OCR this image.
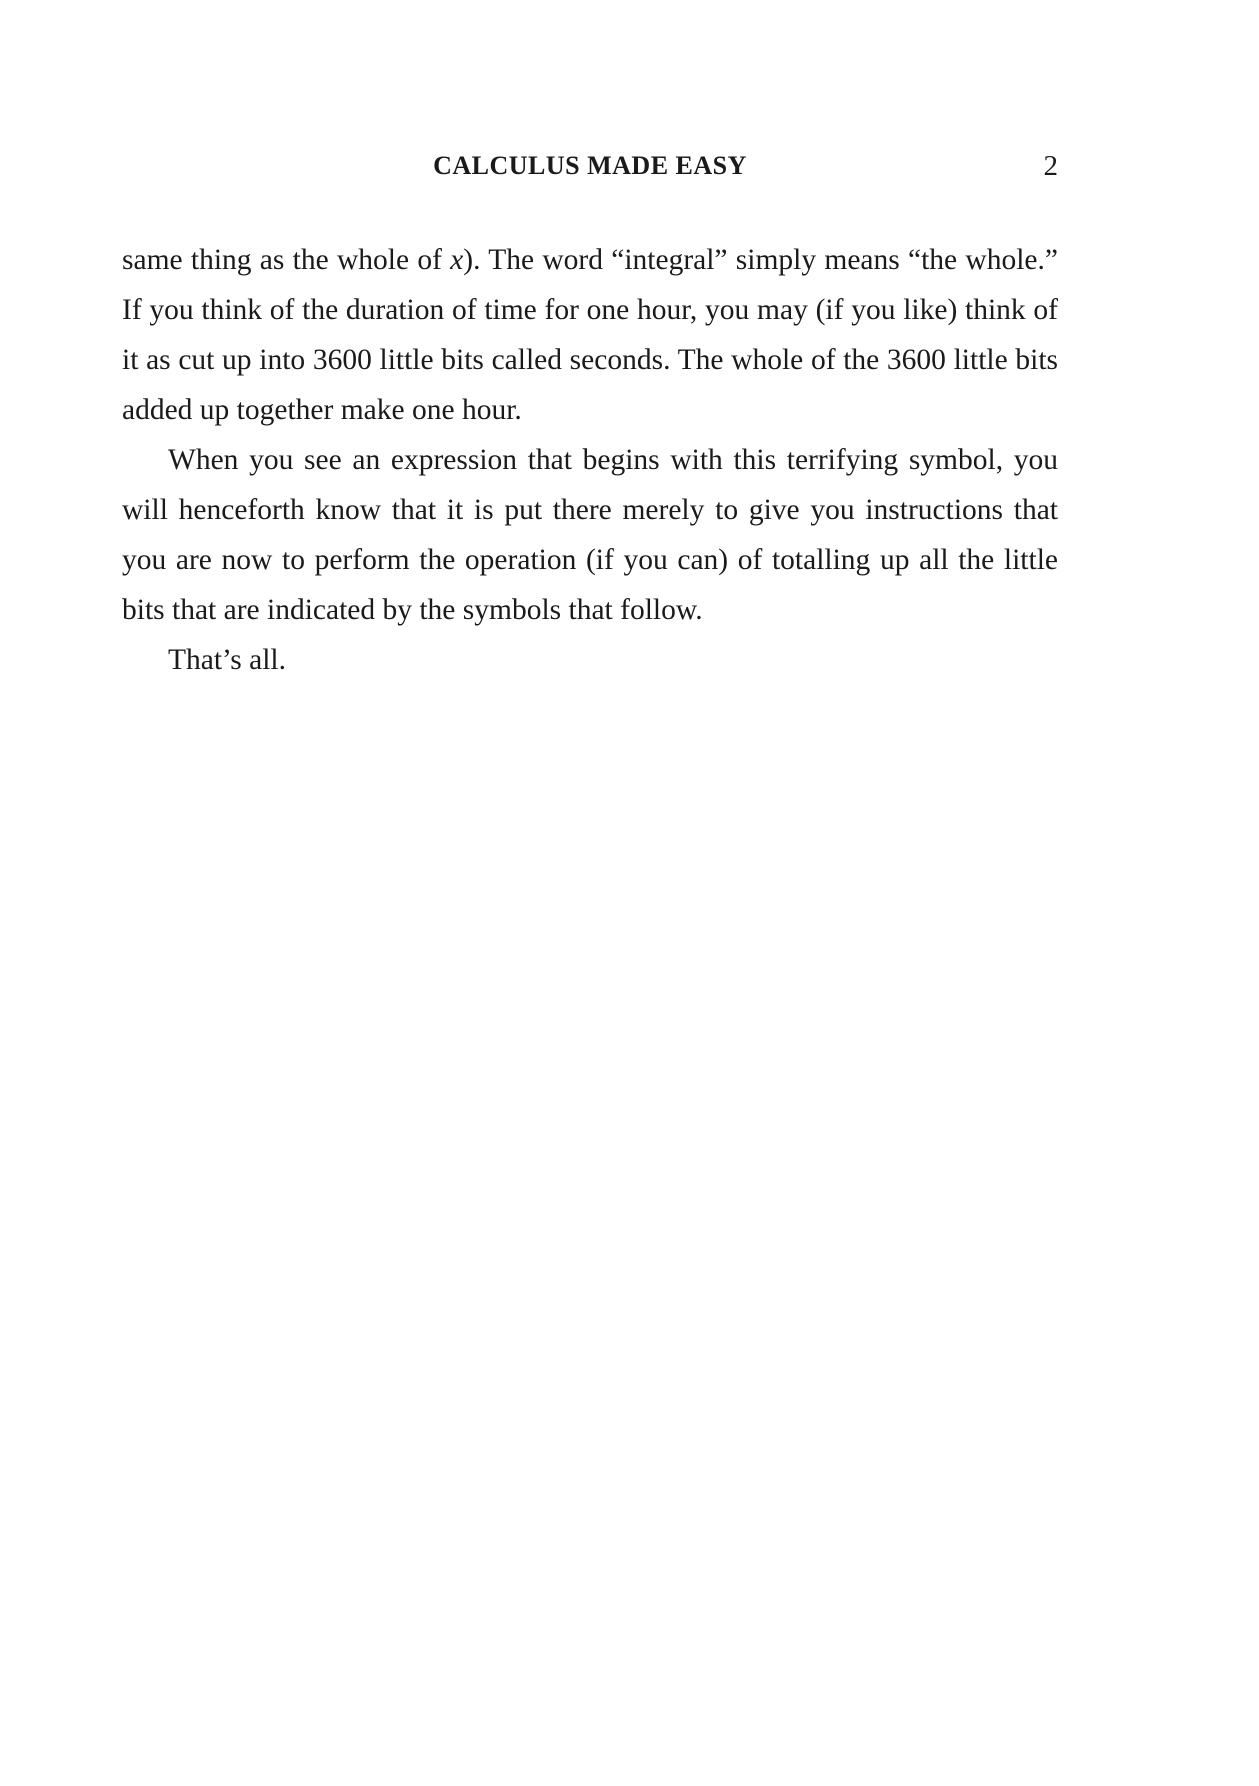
CALCULUS MADE EASY	2

same thing as the whole of x). The word “integral” simply means “the whole.” If you think of the duration of time for one hour, you may (if you like) think of it as cut up into 3600 little bits called seconds. The whole of the 3600 little bits added up together make one hour.

When you see an expression that begins with this terrifying symbol, you will henceforth know that it is put there merely to give you instructions that you are now to perform the operation (if you can) of totalling up all the little bits that are indicated by the symbols that follow.

That’s all.
